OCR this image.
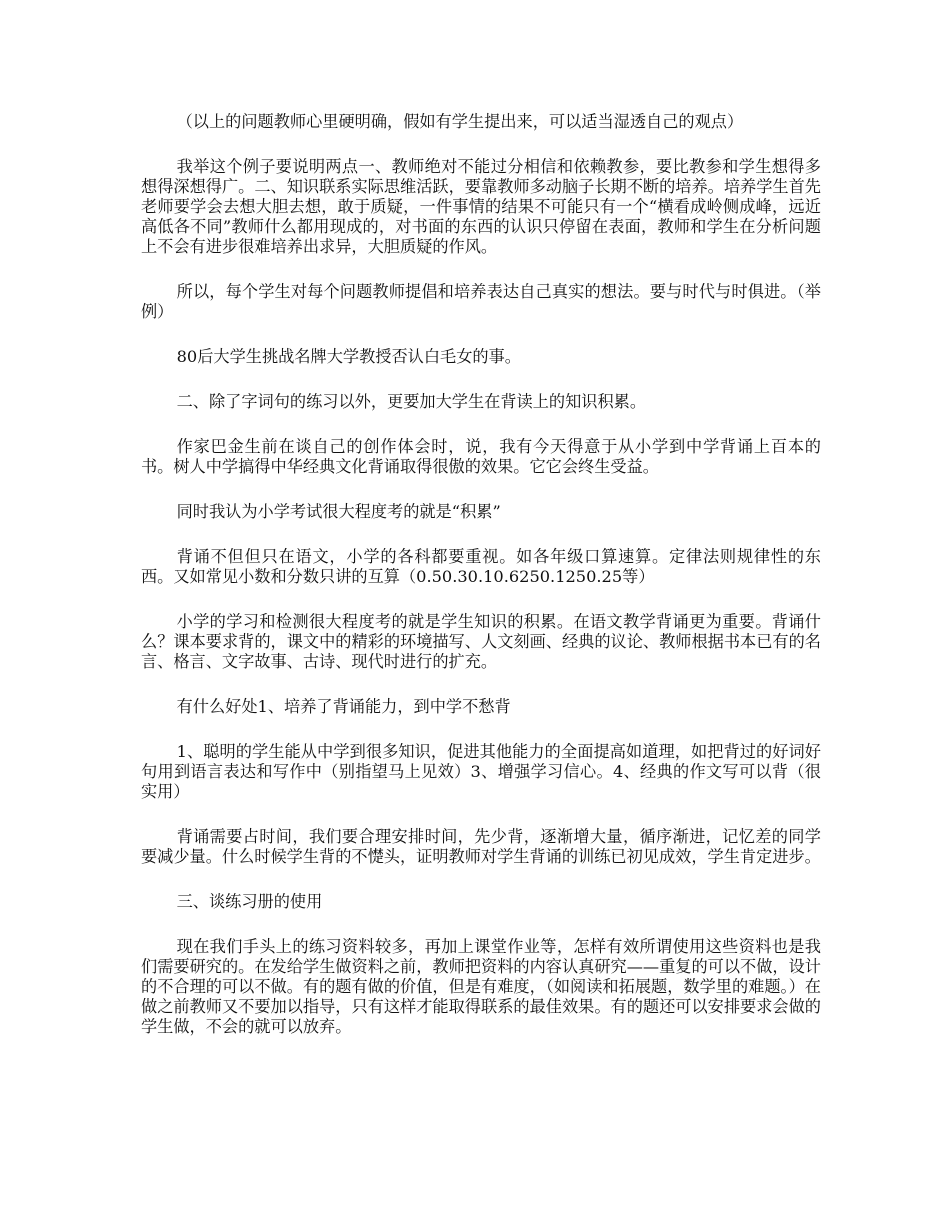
（以上的问题教师心里硬明确，假如有学生提出来，可以适当湿透自己的观点）

我举这个例子要说明两点一、教师绝对不能过分相信和依赖教参，要比教参和学生想得多想得深想得广。二、知识联系实际思维活跃，要靠教师多动脑子长期不断的培养。培养学生首先老师要学会去想大胆去想，敢于质疑，一件事情的结果不可能只有一个“横看成岭侧成峰，远近高低各不同”教师什么都用现成的，对书面的东西的认识只停留在表面，教师和学生在分析问题上不会有进步很难培养出求异，大胆质疑的作风。

所以，每个学生对每个问题教师提倡和培养表达自己真实的想法。要与时代与时俱进。（举例）

80后大学生挑战名牌大学教授否认白毛女的事。

二、除了字词句的练习以外，更要加大学生在背读上的知识积累。

作家巴金生前在谈自己的创作体会时，说，我有今天得意于从小学到中学背诵上百本的书。树人中学搞得中华经典文化背诵取得很傲的效果。它它会终生受益。

同时我认为小学考试很大程度考的就是“积累”

背诵不但但只在语文，小学的各科都要重视。如各年级口算速算。定律法则规律性的东西。又如常见小数和分数只讲的互算（0.50.30.10.6250.1250.25等）

小学的学习和检测很大程度考的就是学生知识的积累。在语文教学背诵更为重要。背诵什么？课本要求背的，课文中的精彩的环境描写、人文刻画、经典的议论、教师根据书本已有的名言、格言、文字故事、古诗、现代时进行的扩充。

有什么好处1、培养了背诵能力，到中学不愁背

1、聪明的学生能从中学到很多知识，促进其他能力的全面提高如道理，如把背过的好词好句用到语言表达和写作中（别指望马上见效）3、增强学习信心。4、经典的作文写可以背（很实用）

背诵需要占时间，我们要合理安排时间，先少背，逐渐增大量，循序渐进，记忆差的同学要减少量。什么时候学生背的不憷头，证明教师对学生背诵的训练已初见成效，学生肯定进步。

三、谈练习册的使用

现在我们手头上的练习资料较多，再加上课堂作业等，怎样有效所谓使用这些资料也是我们需要研究的。在发给学生做资料之前，教师把资料的内容认真研究——重复的可以不做，设计的不合理的可以不做。有的题有做的价值，但是有难度，（如阅读和拓展题，数学里的难题。）在做之前教师又不要加以指导，只有这样才能取得联系的最佳效果。有的题还可以安排要求会做的学生做，不会的就可以放弃。
